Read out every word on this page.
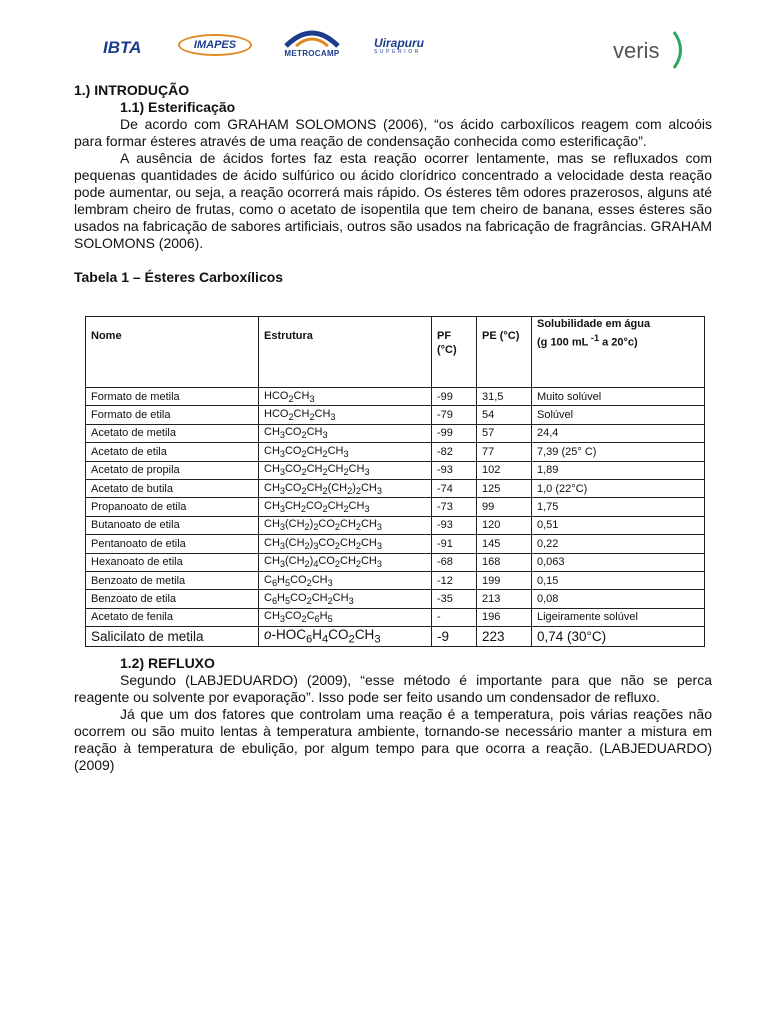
IBTA	IMAPES
METROCAMP
Uirapuru
SUPERIOR	veris
1.) INTRODUÇÃO
1.1) Esterificação

De acordo com GRAHAM SOLOMONS (2006), “os ácido carboxílicos reagem com alcoóis para formar ésteres através de uma reação de condensação conhecida como esterificação”.

A ausência de ácidos fortes faz esta reação ocorrer lentamente, mas se refluxados com pequenas quantidades de ácido sulfúrico ou ácido clorídrico concentrado a velocidade desta reação pode aumentar, ou seja, a reação ocorrerá mais rápido. Os ésteres têm odores prazerosos, alguns até lembram cheiro de frutas, como o acetato de isopentila que tem cheiro de banana, esses ésteres são usados na fabricação de sabores artificiais, outros são usados na fabricação de fragrâncias. GRAHAM SOLOMONS (2006).

Tabela 1 – Ésteres Carboxílicos
Nome	Estrutura	PF (°C)	PE (°C)	Solubilidade em água
(g 100 mL $^{-1}$ a 20°c)
Formato de metila	$HCO_2CH_3$	-99	31,5	Muito solúvel
Formato de etila	$HCO_2CH_2CH_3$	-79	54	Solúvel
Acetato de metila	$CH_3CO_2CH_3$	-99	57	24,4
Acetato de etila	$CH_3CO_2CH_2CH_3$	-82	77	7,39 (25° C)
Acetato de propila	$CH_3CO_2CH_2CH_2CH_3$	-93	102	1,89
Acetato de butila	$CH_3CO_2CH_2(CH_2)_2CH_3$	-74	125	1,0 (22°C)
Propanoato de etila	$CH_3CH_2CO_2CH_2CH_3$	-73	99	1,75
Butanoato de etila	$CH_3(CH_2)_2CO_2CH_2CH_3$	-93	120	0,51
Pentanoato de etila	$CH_3(CH_2)_3CO_2CH_2CH_3$	-91	145	0,22
Hexanoato de etila	$CH_3(CH_2)_4CO_2CH_2CH_3$	-68	168	0,063
Benzoato de metila	$C_6H_5CO_2CH_3$	-12	199	0,15
Benzoato de etila	$C_6H_5CO_2CH_2CH_3$	-35	213	0,08
Acetato de fenila	$CH_3CO_2C_6H_5$	-	196	Ligeiramente solúvel
Salicilato de metila	$o-HOC_6H_4CO_2CH_3$	-9	223	0,74 (30°C)
1.2) REFLUXO

Segundo (LABJEDUARDO) (2009), “esse método é importante para que não se perca reagente ou solvente por evaporação”. Isso pode ser feito usando um condensador de refluxo.

Já que um dos fatores que controlam uma reação é a temperatura, pois várias reações não ocorrem ou são muito lentas à temperatura ambiente, tornando-se necessário manter a mistura em reação à temperatura de ebulição, por algum tempo para que ocorra a reação. (LABJEDUARDO) (2009)
